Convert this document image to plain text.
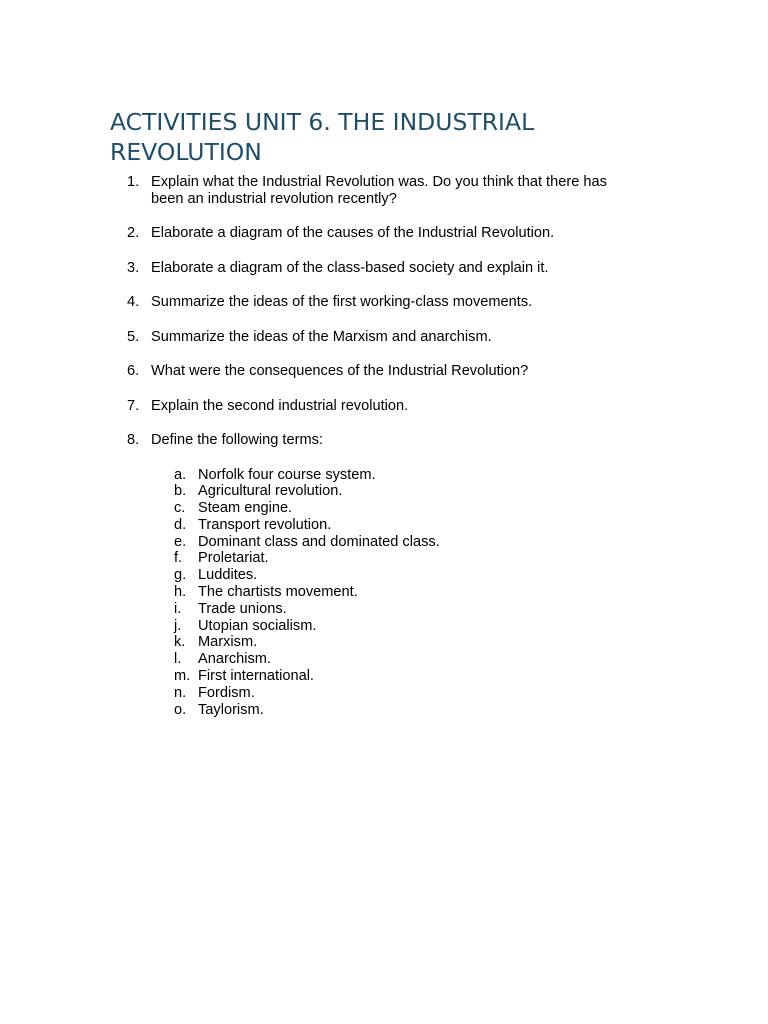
ACTIVITIES UNIT 6. THE INDUSTRIAL REVOLUTION
1. Explain what the Industrial Revolution was. Do you think that there has been an industrial revolution recently?
2. Elaborate a diagram of the causes of the Industrial Revolution.
3. Elaborate a diagram of the class-based society and explain it.
4. Summarize the ideas of the first working-class movements.
5. Summarize the ideas of the Marxism and anarchism.
6. What were the consequences of the Industrial Revolution?
7. Explain the second industrial revolution.
8. Define the following terms:
a. Norfolk four course system.
b. Agricultural revolution.
c. Steam engine.
d. Transport revolution.
e. Dominant class and dominated class.
f. Proletariat.
g. Luddites.
h. The chartists movement.
i. Trade unions.
j. Utopian socialism.
k. Marxism.
l. Anarchism.
m. First international.
n. Fordism.
o. Taylorism.
